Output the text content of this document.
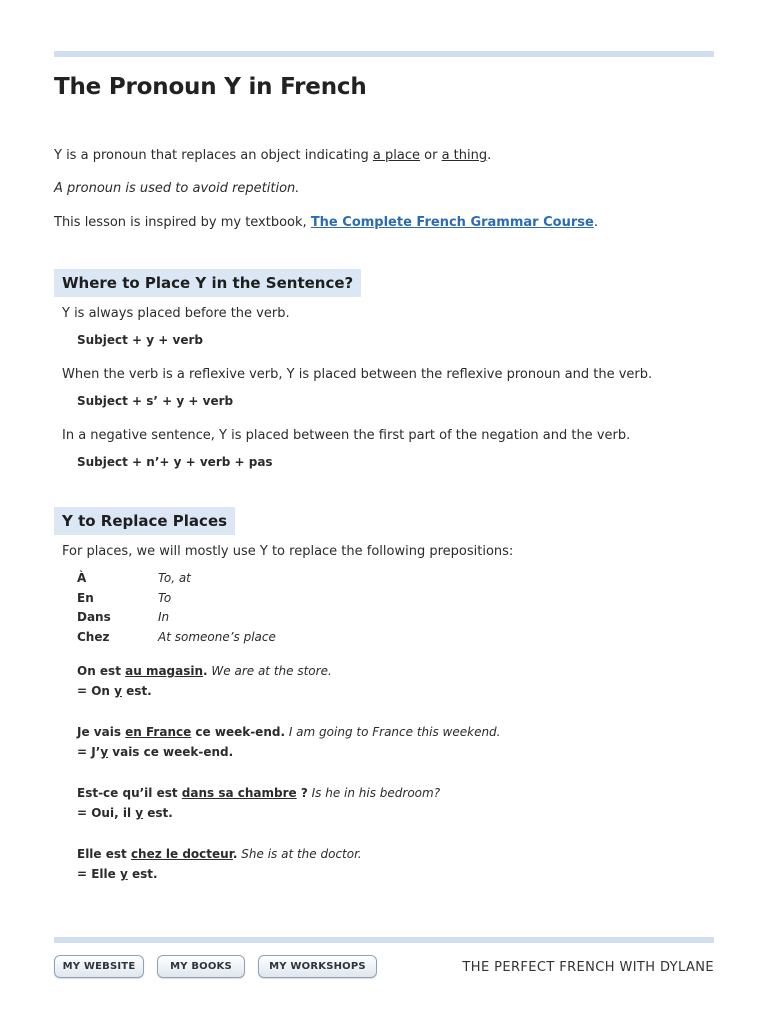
The Pronoun Y in French

Y is a pronoun that replaces an object indicating a place or a thing.

A pronoun is used to avoid repetition.

This lesson is inspired by my textbook, The Complete French Grammar Course.

Where to Place Y in the Sentence?

Y is always placed before the verb.

Subject + y + verb

When the verb is a reflexive verb, Y is placed between the reflexive pronoun and the verb.

Subject + s’ + y + verb

In a negative sentence, Y is placed between the first part of the negation and the verb.

Subject + n’+ y + verb + pas
Y to Replace Places

For places, we will mostly use Y to replace the following prepositions:

À	To, at
En	To
Dans	In
Chez	At someone’s place
On est au magasin. We are at the store.
= On y est.
Je vais en France ce week-end. I am going to France this weekend.
= J’y vais ce week-end.
Est-ce qu’il est dans sa chambre ? Is he in his bedroom?
= Oui, il y est.
Elle est chez le docteur. She is at the doctor.
= Elle y est.
MY WEBSITE	MY BOOKS	MY WORKSHOPS	THE PERFECT FRENCH WITH DYLANE
